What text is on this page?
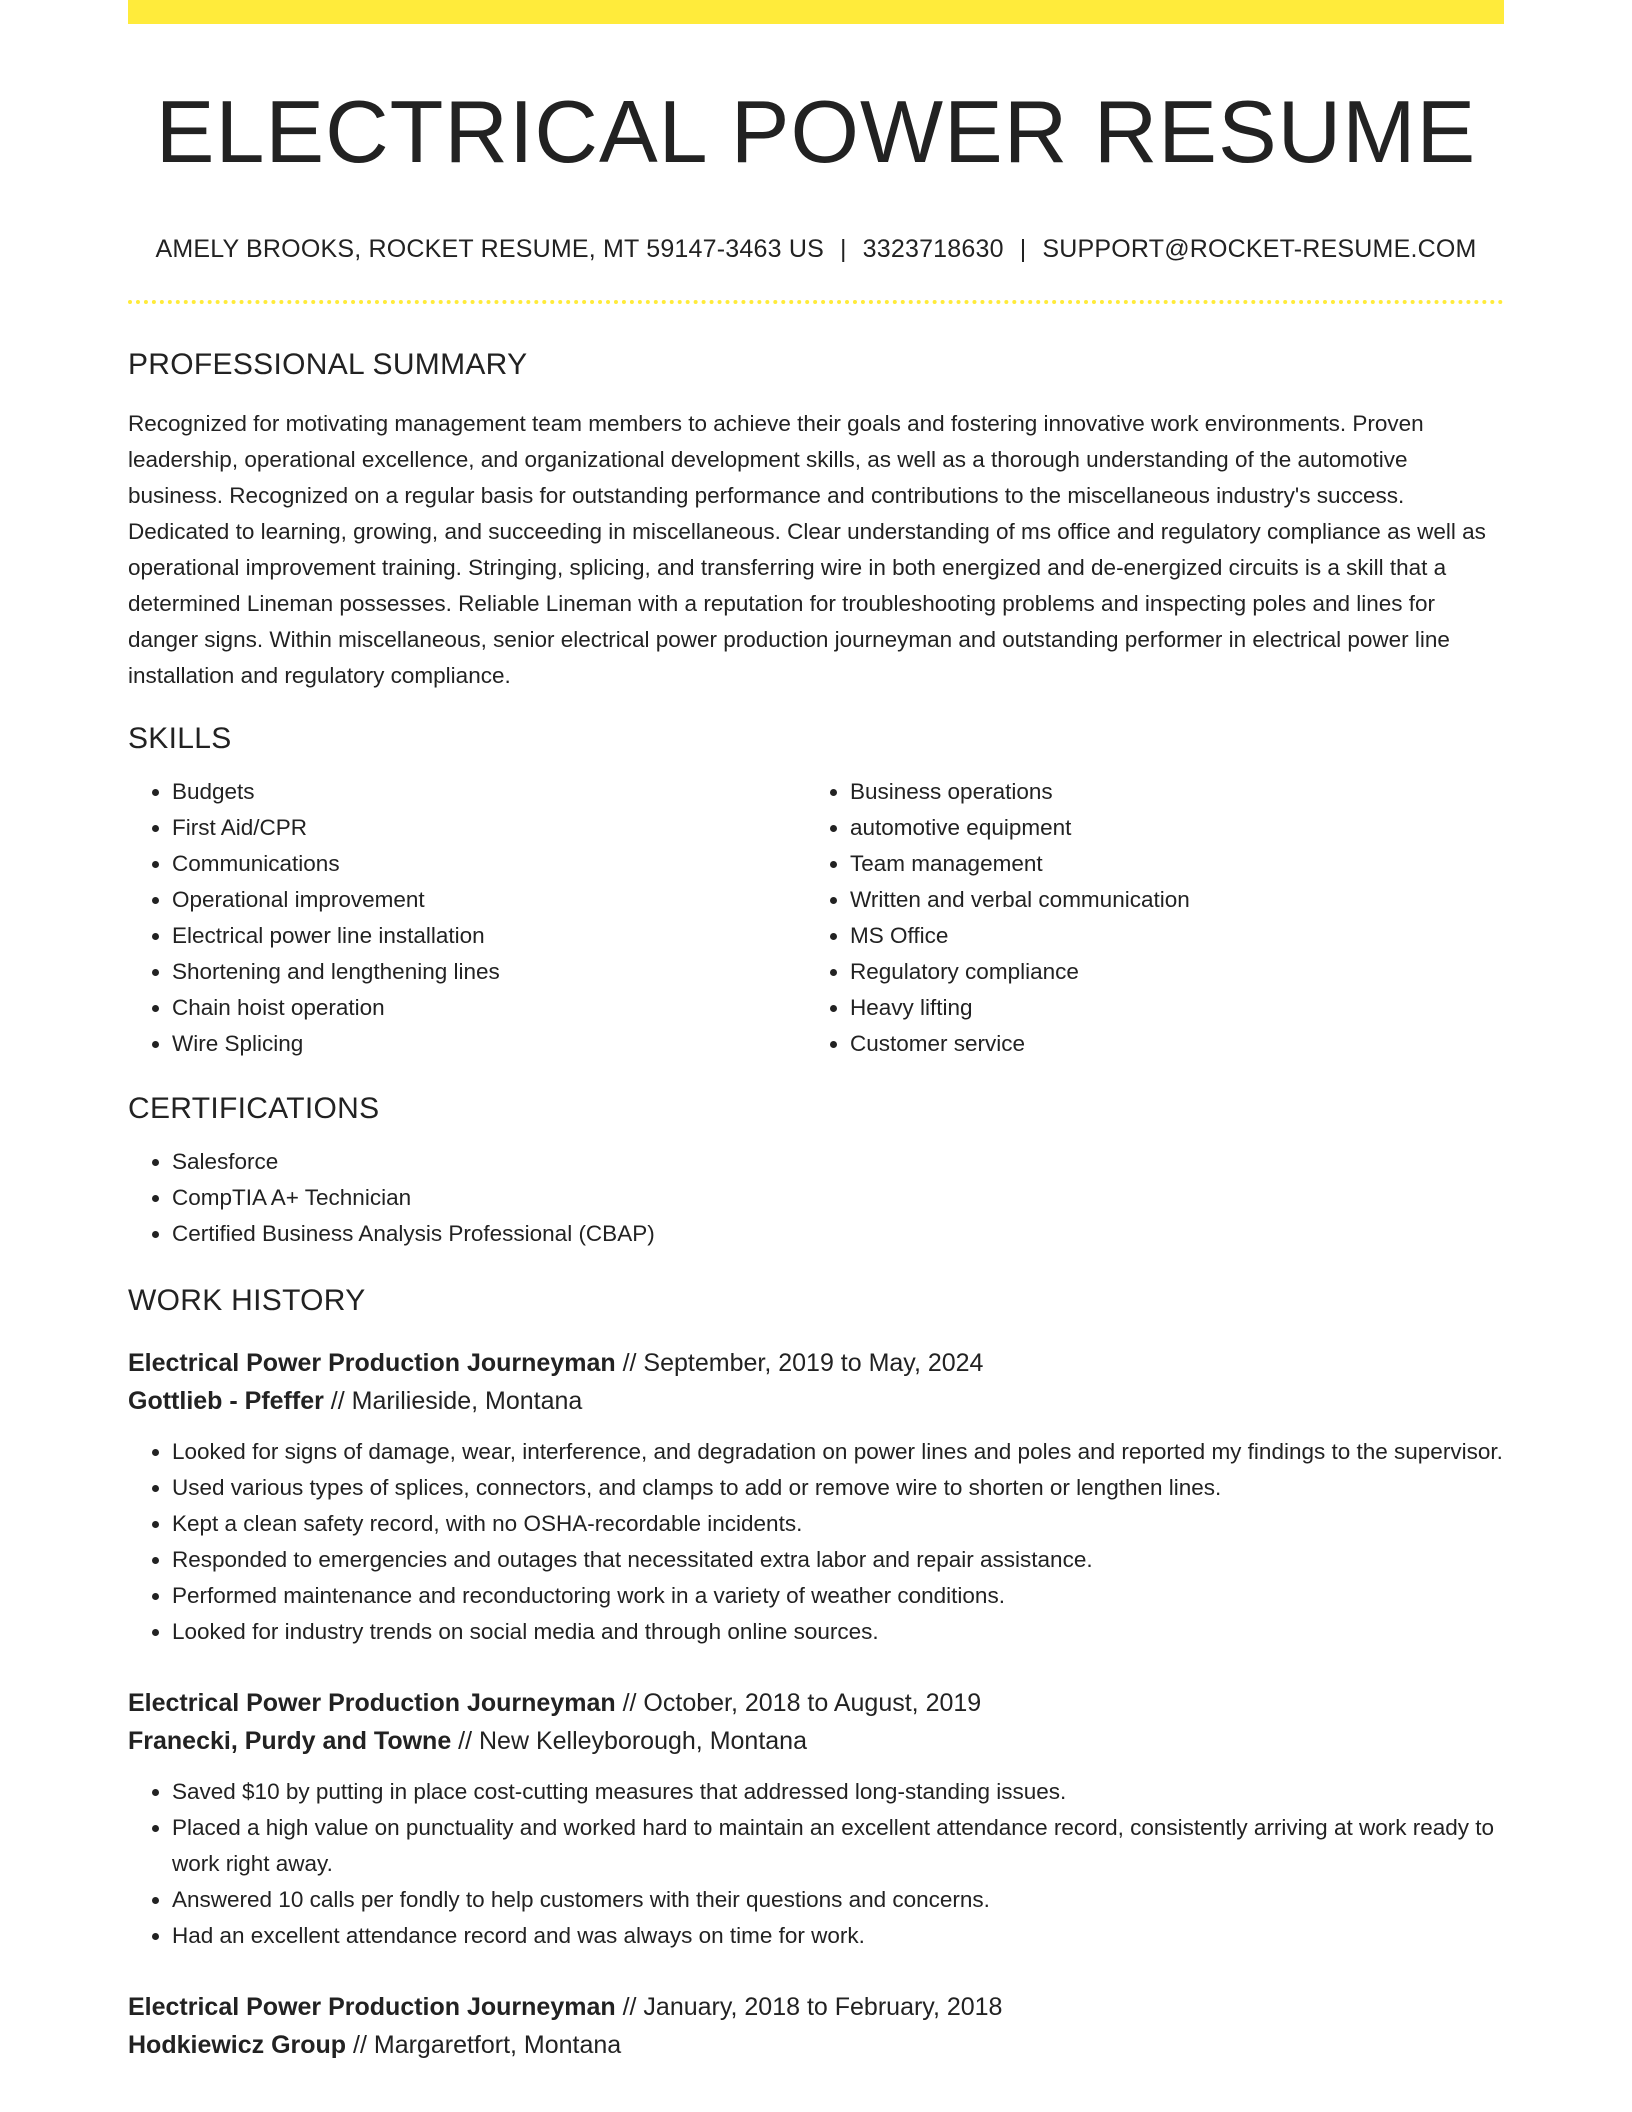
ELECTRICAL POWER RESUME
AMELY BROOKS, ROCKET RESUME, MT 59147-3463 US | 3323718630 | SUPPORT@ROCKET-RESUME.COM
PROFESSIONAL SUMMARY

Recognized for motivating management team members to achieve their goals and fostering innovative work environments. Proven leadership, operational excellence, and organizational development skills, as well as a thorough understanding of the automotive business. Recognized on a regular basis for outstanding performance and contributions to the miscellaneous industry's success. Dedicated to learning, growing, and succeeding in miscellaneous. Clear understanding of ms office and regulatory compliance as well as operational improvement training. Stringing, splicing, and transferring wire in both energized and de-energized circuits is a skill that a determined Lineman possesses. Reliable Lineman with a reputation for troubleshooting problems and inspecting poles and lines for danger signs. Within miscellaneous, senior electrical power production journeyman and outstanding performer in electrical power line installation and regulatory compliance.

SKILLS
• Budgets
• First Aid/CPR
• Communications
• Operational improvement
• Electrical power line installation
• Shortening and lengthening lines
• Chain hoist operation
• Wire Splicing
• Business operations
• automotive equipment
• Team management
• Written and verbal communication
• MS Office
• Regulatory compliance
• Heavy lifting
• Customer service
CERTIFICATIONS
• Salesforce
• CompTIA A+ Technician
• Certified Business Analysis Professional (CBAP)
WORK HISTORY
Electrical Power Production Journeyman // September, 2019 to May, 2024
Gottlieb - Pfeffer // Marilieside, Montana
• Looked for signs of damage, wear, interference, and degradation on power lines and poles and reported my findings to the supervisor.
• Used various types of splices, connectors, and clamps to add or remove wire to shorten or lengthen lines.
• Kept a clean safety record, with no OSHA-recordable incidents.
• Responded to emergencies and outages that necessitated extra labor and repair assistance.
• Performed maintenance and reconductoring work in a variety of weather conditions.
• Looked for industry trends on social media and through online sources.
Electrical Power Production Journeyman // October, 2018 to August, 2019
Franecki, Purdy and Towne // New Kelleyborough, Montana
• Saved $10 by putting in place cost-cutting measures that addressed long-standing issues.
• Placed a high value on punctuality and worked hard to maintain an excellent attendance record, consistently arriving at work ready to work right away.
• Answered 10 calls per fondly to help customers with their questions and concerns.
• Had an excellent attendance record and was always on time for work.
Electrical Power Production Journeyman // January, 2018 to February, 2018
Hodkiewicz Group // Margaretfort, Montana
